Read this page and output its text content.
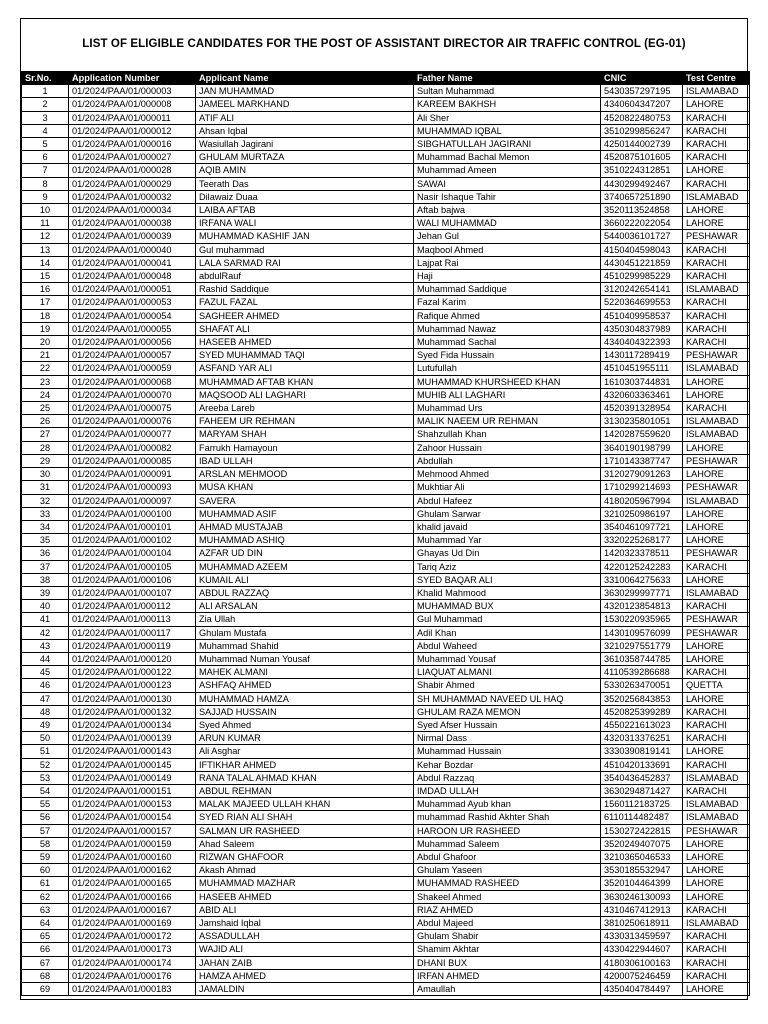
LIST OF ELIGIBLE CANDIDATES FOR THE POST OF ASSISTANT DIRECTOR AIR TRAFFIC CONTROL (EG-01)
Sr.No.	Application Number	Applicant Name	Father Name	CNIC	Test Centre
1	01/2024/PAA/01/000003	JAN MUHAMMAD	Sultan Muhammad	5430357297195	ISLAMABAD
2	01/2024/PAA/01/000008	JAMEEL MARKHAND	KAREEM BAKHSH	4340604347207	LAHORE
3	01/2024/PAA/01/000011	ATIF ALI	Ali Sher	4520822480753	KARACHI
4	01/2024/PAA/01/000012	Ahsan Iqbal	MUHAMMAD IQBAL	3510299856247	KARACHI
5	01/2024/PAA/01/000016	Wasiullah Jagirani	SIBGHATULLAH JAGIRANI	4250144002739	KARACHI
6	01/2024/PAA/01/000027	GHULAM MURTAZA	Muhammad Bachal Memon	4520875101605	KARACHI
7	01/2024/PAA/01/000028	AQIB AMIN	Muhammad Ameen	3510224312851	LAHORE
8	01/2024/PAA/01/000029	Teerath Das	SAWAI	4430299492467	KARACHI
9	01/2024/PAA/01/000032	Dilawaiz Duaa	Nasir Ishaque Tahir	3740657251890	ISLAMABAD
10	01/2024/PAA/01/000034	LAIBA AFTAB	Aftab bajwa	3520113524858	LAHORE
11	01/2024/PAA/01/000038	IRFANA WALI	WALI MUHAMMAD	3660222022054	LAHORE
12	01/2024/PAA/01/000039	MUHAMMAD KASHIF JAN	Jehan Gul	5440036101727	PESHAWAR
13	01/2024/PAA/01/000040	Gul muhammad	Maqbool Ahmed	4150404598043	KARACHI
14	01/2024/PAA/01/000041	LALA SARMAD RAI	Lajpat Rai	4430451221859	KARACHI
15	01/2024/PAA/01/000048	abdulRauf	Haji	4510299985229	KARACHI
16	01/2024/PAA/01/000051	Rashid Saddique	Muhammad Saddique	3120242654141	ISLAMABAD
17	01/2024/PAA/01/000053	FAZUL FAZAL	Fazal Karim	5220364699553	KARACHI
18	01/2024/PAA/01/000054	SAGHEER AHMED	Rafique Ahmed	4510409958537	KARACHI
19	01/2024/PAA/01/000055	SHAFAT ALI	Muhammad Nawaz	4350304837989	KARACHI
20	01/2024/PAA/01/000056	HASEEB AHMED	Muhammad Sachal	4340404322393	KARACHI
21	01/2024/PAA/01/000057	SYED MUHAMMAD TAQI	Syed Fida Hussain	1430117289419	PESHAWAR
22	01/2024/PAA/01/000059	ASFAND YAR ALI	Lutufullah	4510451955111	ISLAMABAD
23	01/2024/PAA/01/000068	MUHAMMAD AFTAB KHAN	MUHAMMAD KHURSHEED KHAN	1610303744831	LAHORE
24	01/2024/PAA/01/000070	MAQSOOD ALI LAGHARI	MUHIB ALI LAGHARI	4320603363461	LAHORE
25	01/2024/PAA/01/000075	Areeba Lareb	Muhammad Urs	4520391328954	KARACHI
26	01/2024/PAA/01/000076	FAHEEM UR REHMAN	MALIK NAEEM UR REHMAN	3130235801051	ISLAMABAD
27	01/2024/PAA/01/000077	MARYAM SHAH	Shahzullah Khan	1420287559620	ISLAMABAD
28	01/2024/PAA/01/000082	Farrukh Hamayoun	Zahoor Hussain	3640190198799	LAHORE
29	01/2024/PAA/01/000085	IBAD ULLAH	Abdullah	1710143387747	PESHAWAR
30	01/2024/PAA/01/000091	ARSLAN MEHMOOD	Mehmood Ahmed	3120279091263	LAHORE
31	01/2024/PAA/01/000093	MUSA KHAN	Mukhtiar Ali	1710299214693	PESHAWAR
32	01/2024/PAA/01/000097	SAVERA	Abdul Hafeez	4180205967994	ISLAMABAD
33	01/2024/PAA/01/000100	MUHAMMAD ASIF	Ghulam Sarwar	3210250986197	LAHORE
34	01/2024/PAA/01/000101	AHMAD MUSTAJAB	khalid javaid	3540461097721	LAHORE
35	01/2024/PAA/01/000102	MUHAMMAD ASHIQ	Muhammad Yar	3320225268177	LAHORE
36	01/2024/PAA/01/000104	AZFAR UD DIN	Ghayas Ud Din	1420323378511	PESHAWAR
37	01/2024/PAA/01/000105	MUHAMMAD AZEEM	Tariq Aziz	4220125242283	KARACHI
38	01/2024/PAA/01/000106	KUMAIL ALI	SYED BAQAR ALI	3310064275633	LAHORE
39	01/2024/PAA/01/000107	ABDUL RAZZAQ	Khalid Mahmood	3630299997771	ISLAMABAD
40	01/2024/PAA/01/000112	ALI ARSALAN	MUHAMMAD BUX	4320123854813	KARACHI
41	01/2024/PAA/01/000113	Zia Ullah	Gul Muhammad	1530220935965	PESHAWAR
42	01/2024/PAA/01/000117	Ghulam Mustafa	Adil Khan	1430109576099	PESHAWAR
43	01/2024/PAA/01/000119	Muhammad Shahid	Abdul Waheed	3210297551779	LAHORE
44	01/2024/PAA/01/000120	Muhammad Numan Yousaf	Muhammad Yousaf	3610358744785	LAHORE
45	01/2024/PAA/01/000122	MAHEK ALMANI	LIAQUAT ALMANI	4110539286688	KARACHI
46	01/2024/PAA/01/000123	ASHFAQ AHMED	Shabir Ahmed	5330263470051	QUETTA
47	01/2024/PAA/01/000130	MUHAMMAD HAMZA	SH MUHAMMAD NAVEED UL HAQ	3520256843853	LAHORE
48	01/2024/PAA/01/000132	SAJJAD HUSSAIN	GHULAM RAZA MEMON	4520825399289	KARACHI
49	01/2024/PAA/01/000134	Syed Ahmed	Syed Afser Hussain	4550221613023	KARACHI
50	01/2024/PAA/01/000139	ARUN KUMAR	Nirmal Dass	4320313376251	KARACHI
51	01/2024/PAA/01/000143	Ali Asghar	Muhammad Hussain	3330390819141	LAHORE
52	01/2024/PAA/01/000145	IFTIKHAR AHMED	Kehar Bozdar	4510420133691	KARACHI
53	01/2024/PAA/01/000149	RANA TALAL AHMAD KHAN	Abdul Razzaq	3540436452837	ISLAMABAD
54	01/2024/PAA/01/000151	ABDUL REHMAN	IMDAD ULLAH	3630294871427	KARACHI
55	01/2024/PAA/01/000153	MALAK MAJEED ULLAH KHAN	Muhammad Ayub khan	1560112183725	ISLAMABAD
56	01/2024/PAA/01/000154	SYED RIAN ALI SHAH	muhammad Rashid Akhter Shah	6110114482487	ISLAMABAD
57	01/2024/PAA/01/000157	SALMAN UR RASHEED	HAROON UR RASHEED	1530272422815	PESHAWAR
58	01/2024/PAA/01/000159	Ahad Saleem	Muhammad Saleem	3520249407075	LAHORE
59	01/2024/PAA/01/000160	RIZWAN GHAFOOR	Abdul Ghafoor	3210365046533	LAHORE
60	01/2024/PAA/01/000162	Akash Ahmad	Ghulam Yaseen	3530185532947	LAHORE
61	01/2024/PAA/01/000165	MUHAMMAD MAZHAR	MUHAMMAD RASHEED	3520104464399	LAHORE
62	01/2024/PAA/01/000166	HASEEB AHMED	Shakeel Ahmed	3630246130093	LAHORE
63	01/2024/PAA/01/000167	ABID ALI	RIAZ AHMED	4310467412913	KARACHI
64	01/2024/PAA/01/000169	Jamshaid Iqbal	Abdul Majeed	3810250618911	ISLAMABAD
65	01/2024/PAA/01/000172	ASSADULLAH	Ghulam Shabir	4330313459597	KARACHI
66	01/2024/PAA/01/000173	WAJID ALI	Shamim Akhtar	4330422944607	KARACHI
67	01/2024/PAA/01/000174	JAHAN ZAIB	DHANI BUX	4180306100163	KARACHI
68	01/2024/PAA/01/000176	HAMZA AHMED	IRFAN AHMED	4200075246459	KARACHI
69	01/2024/PAA/01/000183	JAMALDIN	Amaullah	4350404784497	LAHORE
